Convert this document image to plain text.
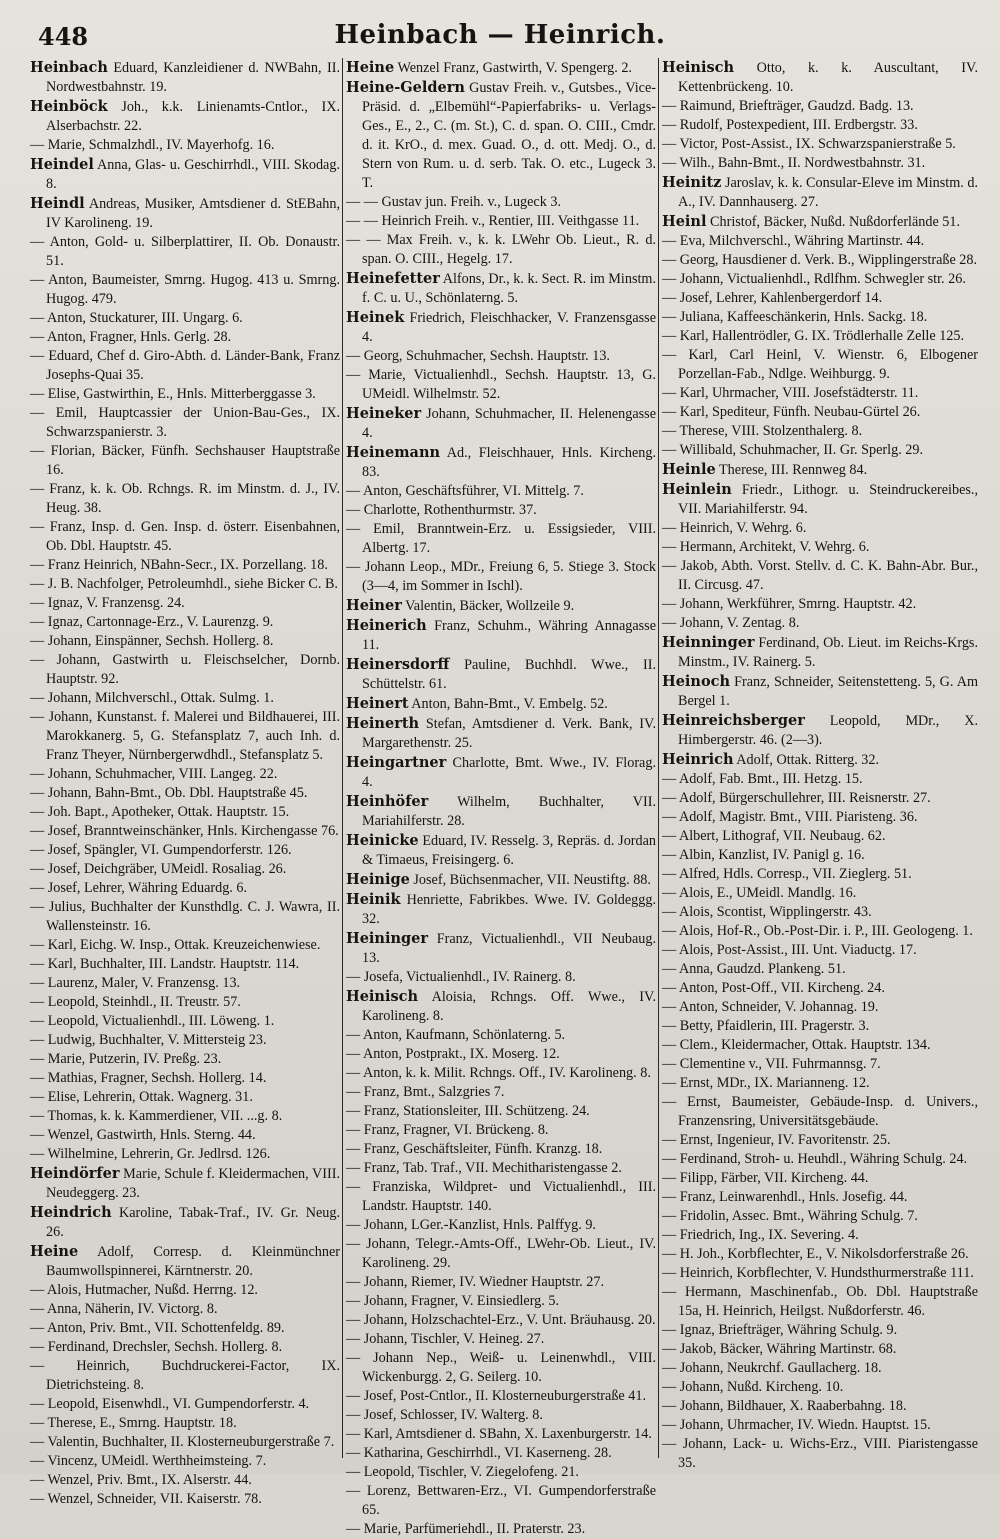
448	Heinbach — Heinrich.

Heinbach Eduard, Kanzleidiener d. NWBahn, II. Nordwestbahnstr. 19.

Heinböck Joh., k.k. Linienamts-Cntlor., IX. Alserbachstr. 22.

— Marie, Schmalzhdl., IV. Mayerhofg. 16.

Heindel Anna, Glas- u. Geschirrhdl., VIII. Skodag. 8.

Heindl Andreas, Musiker, Amtsdiener d. StEBahn, IV Karolineng. 19.

— Anton, Gold- u. Silberplattirer, II. Ob. Donaustr. 51.

— Anton, Baumeister, Smrng. Hugog. 413 u. Smrng. Hugog. 479.

— Anton, Stuckaturer, III. Ungarg. 6.

— Anton, Fragner, Hnls. Gerlg. 28.

— Eduard, Chef d. Giro-Abth. d. Länder-Bank, Franz Josephs-Quai 35.

— Elise, Gastwirthin, E., Hnls. Mitterberggasse 3.

— Emil, Hauptcassier der Union-Bau-Ges., IX. Schwarzspanierstr. 3.

— Florian, Bäcker, Fünfh. Sechshauser Hauptstraße 16.

— Franz, k. k. Ob. Rchngs. R. im Minstm. d. J., IV. Heug. 38.

— Franz, Insp. d. Gen. Insp. d. österr. Eisenbahnen, Ob. Dbl. Hauptstr. 45.

— Franz Heinrich, NBahn-Secr., IX. Porzellang. 18.

— J. B. Nachfolger, Petroleumhdl., siehe Bicker C. B.

— Ignaz, V. Franzensg. 24.

— Ignaz, Cartonnage-Erz., V. Laurenzg. 9.

— Johann, Einspänner, Sechsh. Hollerg. 8.

— Johann, Gastwirth u. Fleischselcher, Dornb. Hauptstr. 92.

— Johann, Milchverschl., Ottak. Sulmg. 1.

— Johann, Kunstanst. f. Malerei und Bildhauerei, III. Marokkanerg. 5, G. Stefansplatz 7, auch Inh. d. Franz Theyer, Nürnbergerwdhdl., Stefansplatz 5.

— Johann, Schuhmacher, VIII. Langeg. 22.

— Johann, Bahn-Bmt., Ob. Dbl. Hauptstraße 45.

— Joh. Bapt., Apotheker, Ottak. Hauptstr. 15.

— Josef, Branntweinschänker, Hnls. Kirchengasse 76.

— Josef, Spängler, VI. Gumpendorferstr. 126.

— Josef, Deichgräber, UMeidl. Rosaliag. 26.

— Josef, Lehrer, Währing Eduardg. 6.

— Julius, Buchhalter der Kunsthdlg. C. J. Wawra, II. Wallensteinstr. 16.

— Karl, Eichg. W. Insp., Ottak. Kreuzeichenwiese.

— Karl, Buchhalter, III. Landstr. Hauptstr. 114.

— Laurenz, Maler, V. Franzensg. 13.

— Leopold, Steinhdl., II. Treustr. 57.

— Leopold, Victualienhdl., III. Löweng. 1.

— Ludwig, Buchhalter, V. Mittersteig 23.

— Marie, Putzerin, IV. Preßg. 23.

— Mathias, Fragner, Sechsh. Hollerg. 14.

— Elise, Lehrerin, Ottak. Wagnerg. 31.

— Thomas, k. k. Kammerdiener, VII. ...g. 8.

— Wenzel, Gastwirth, Hnls. Sterng. 44.

— Wilhelmine, Lehrerin, Gr. Jedlrsd. 126.

Heindörfer Marie, Schule f. Kleidermachen, VIII. Neudeggerg. 23.

Heindrich Karoline, Tabak-Traf., IV. Gr. Neug. 26.

Heine Adolf, Corresp. d. Kleinmünchner Baumwollspinnerei, Kärntnerstr. 20.

— Alois, Hutmacher, Nußd. Herrng. 12.

— Anna, Näherin, IV. Victorg. 8.

— Anton, Priv. Bmt., VII. Schottenfeldg. 89.

— Ferdinand, Drechsler, Sechsh. Hollerg. 8.

— Heinrich, Buchdruckerei-Factor, IX. Dietrichsteing. 8.

— Leopold, Eisenwhdl., VI. Gumpendorferstr. 4.

— Therese, E., Smrng. Hauptstr. 18.

— Valentin, Buchhalter, II. Klosterneuburgerstraße 7.

— Vincenz, UMeidl. Werthheimsteing. 7.

— Wenzel, Priv. Bmt., IX. Alserstr. 44.

— Wenzel, Schneider, VII. Kaiserstr. 78.

Heine Wenzel Franz, Gastwirth, V. Spengerg. 2.

Heine-Geldern Gustav Freih. v., Gutsbes., Vice-Präsid. d. „Elbemühl“-Papierfabriks- u. Verlags-Ges., E., 2., C. (m. St.), C. d. span. O. CIII., Cmdr. d. it. KrO., d. mex. Guad. O., d. ott. Medj. O., d. Stern von Rum. u. d. serb. Tak. O. etc., Lugeck 3. T.

— — Gustav jun. Freih. v., Lugeck 3.

— — Heinrich Freih. v., Rentier, III. Veithgasse 11.

— — Max Freih. v., k. k. LWehr Ob. Lieut., R. d. span. O. CIII., Hegelg. 17.

Heinefetter Alfons, Dr., k. k. Sect. R. im Minstm. f. C. u. U., Schönlaterng. 5.

Heinek Friedrich, Fleischhacker, V. Franzensgasse 4.

— Georg, Schuhmacher, Sechsh. Hauptstr. 13.

— Marie, Victualienhdl., Sechsh. Hauptstr. 13, G. UMeidl. Wilhelmstr. 52.

Heineker Johann, Schuhmacher, II. Helenengasse 4.

Heinemann Ad., Fleischhauer, Hnls. Kircheng. 83.

— Anton, Geschäftsführer, VI. Mittelg. 7.

— Charlotte, Rothenthurmstr. 37.

— Emil, Branntwein-Erz. u. Essigsieder, VIII. Albertg. 17.

— Johann Leop., MDr., Freiung 6, 5. Stiege 3. Stock (3—4, im Sommer in Ischl).

Heiner Valentin, Bäcker, Wollzeile 9.

Heinerich Franz, Schuhm., Währing Annagasse 11.

Heinersdorff Pauline, Buchhdl. Wwe., II. Schüttelstr. 61.

Heinert Anton, Bahn-Bmt., V. Embelg. 52.

Heinerth Stefan, Amtsdiener d. Verk. Bank, IV. Margarethenstr. 25.

Heingartner Charlotte, Bmt. Wwe., IV. Florag. 4.

Heinhöfer Wilhelm, Buchhalter, VII. Mariahilferstr. 28.

Heinicke Eduard, IV. Resselg. 3, Repräs. d. Jordan & Timaeus, Freisingerg. 6.

Heinige Josef, Büchsenmacher, VII. Neustiftg. 88.

Heinik Henriette, Fabrikbes. Wwe. IV. Goldeggg. 32.

Heininger Franz, Victualienhdl., VII Neubaug. 13.

— Josefa, Victualienhdl., IV. Rainerg. 8.

Heinisch Aloisia, Rchngs. Off. Wwe., IV. Karolineng. 8.

— Anton, Kaufmann, Schönlaterng. 5.

— Anton, Postprakt., IX. Moserg. 12.

— Anton, k. k. Milit. Rchngs. Off., IV. Karolineng. 8.

— Franz, Bmt., Salzgries 7.

— Franz, Stationsleiter, III. Schützeng. 24.

— Franz, Fragner, VI. Brückeng. 8.

— Franz, Geschäftsleiter, Fünfh. Kranzg. 18.

— Franz, Tab. Traf., VII. Mechitharistengasse 2.

— Franziska, Wildpret- und Victualienhdl., III. Landstr. Hauptstr. 140.

— Johann, LGer.-Kanzlist, Hnls. Palffyg. 9.

— Johann, Telegr.-Amts-Off., LWehr-Ob. Lieut., IV. Karolineng. 29.

— Johann, Riemer, IV. Wiedner Hauptstr. 27.

— Johann, Fragner, V. Einsiedlerg. 5.

— Johann, Holzschachtel-Erz., V. Unt. Bräuhausg. 20.

— Johann, Tischler, V. Heineg. 27.

— Johann Nep., Weiß- u. Leinenwhdl., VIII. Wickenburgg. 2, G. Seilerg. 10.

— Josef, Post-Cntlor., II. Klosterneuburgerstraße 41.

— Josef, Schlosser, IV. Walterg. 8.

— Karl, Amtsdiener d. SBahn, X. Laxenburgerstr. 14.

— Katharina, Geschirrhdl., VI. Kaserneng. 28.

— Leopold, Tischler, V. Ziegelofeng. 21.

— Lorenz, Bettwaren-Erz., VI. Gumpendorferstraße 65.

— Marie, Parfümeriehdl., II. Praterstr. 23.

Heinisch Otto, k. k. Auscultant, IV. Kettenbrückeng. 10.

— Raimund, Briefträger, Gaudzd. Badg. 13.

— Rudolf, Postexpedient, III. Erdbergstr. 33.

— Victor, Post-Assist., IX. Schwarzspanierstraße 5.

— Wilh., Bahn-Bmt., II. Nordwestbahnstr. 31.

Heinitz Jaroslav, k. k. Consular-Eleve im Minstm. d. A., IV. Dannhauserg. 27.

Heinl Christof, Bäcker, Nußd. Nußdorferlände 51.

— Eva, Milchverschl., Währing Martinstr. 44.

— Georg, Hausdiener d. Verk. B., Wipplingerstraße 28.

— Johann, Victualienhdl., Rdlfhm. Schwegler str. 26.

— Josef, Lehrer, Kahlenbergerdorf 14.

— Juliana, Kaffeeschänkerin, Hnls. Sackg. 18.

— Karl, Hallentrödler, G. IX. Trödlerhalle Zelle 125.

— Karl, Carl Heinl, V. Wienstr. 6, Elbogener Porzellan-Fab., Ndlge. Weihburgg. 9.

— Karl, Uhrmacher, VIII. Josefstädterstr. 11.

— Karl, Spediteur, Fünfh. Neubau-Gürtel 26.

— Therese, VIII. Stolzenthalerg. 8.

— Willibald, Schuhmacher, II. Gr. Sperlg. 29.

Heinle Therese, III. Rennweg 84.

Heinlein Friedr., Lithogr. u. Steindruckereibes., VII. Mariahilferstr. 94.

— Heinrich, V. Wehrg. 6.

— Hermann, Architekt, V. Wehrg. 6.

— Jakob, Abth. Vorst. Stellv. d. C. K. Bahn-Abr. Bur., II. Circusg. 47.

— Johann, Werkführer, Smrng. Hauptstr. 42.

— Johann, V. Zentag. 8.

Heinninger Ferdinand, Ob. Lieut. im Reichs-Krgs. Minstm., IV. Rainerg. 5.

Heinoch Franz, Schneider, Seitenstetteng. 5, G. Am Bergel 1.

Heinreichsberger Leopold, MDr., X. Himbergerstr. 46. (2—3).

Heinrich Adolf, Ottak. Ritterg. 32.

— Adolf, Fab. Bmt., III. Hetzg. 15.

— Adolf, Bürgerschullehrer, III. Reisnerstr. 27.

— Adolf, Magistr. Bmt., VIII. Piaristeng. 36.

— Albert, Lithograf, VII. Neubaug. 62.

— Albin, Kanzlist, IV. Panigl g. 16.

— Alfred, Hdls. Corresp., VII. Zieglerg. 51.

— Alois, E., UMeidl. Mandlg. 16.

— Alois, Scontist, Wipplingerstr. 43.

— Alois, Hof-R., Ob.-Post-Dir. i. P., III. Geologeng. 1.

— Alois, Post-Assist., III. Unt. Viaductg. 17.

— Anna, Gaudzd. Plankeng. 51.

— Anton, Post-Off., VII. Kircheng. 24.

— Anton, Schneider, V. Johannag. 19.

— Betty, Pfaidlerin, III. Pragerstr. 3.

— Clem., Kleidermacher, Ottak. Hauptstr. 134.

— Clementine v., VII. Fuhrmannsg. 7.

— Ernst, MDr., IX. Marianneng. 12.

— Ernst, Baumeister, Gebäude-Insp. d. Univers., Franzensring, Universitätsgebäude.

— Ernst, Ingenieur, IV. Favoritenstr. 25.

— Ferdinand, Stroh- u. Heuhdl., Währing Schulg. 24.

— Filipp, Färber, VII. Kircheng. 44.

— Franz, Leinwarenhdl., Hnls. Josefig. 44.

— Fridolin, Assec. Bmt., Währing Schulg. 7.

— Friedrich, Ing., IX. Severing. 4.

— H. Joh., Korbflechter, E., V. Nikolsdorferstraße 26.

— Heinrich, Korbflechter, V. Hundsthurmerstraße 111.

— Hermann, Maschinenfab., Ob. Dbl. Hauptstraße 15a, H. Heinrich, Heilgst. Nußdorferstr. 46.

— Ignaz, Briefträger, Währing Schulg. 9.

— Jakob, Bäcker, Währing Martinstr. 68.

— Johann, Neukrchf. Gaullacherg. 18.

— Johann, Nußd. Kircheng. 10.

— Johann, Bildhauer, X. Raaberbahng. 18.

— Johann, Uhrmacher, IV. Wiedn. Hauptst. 15.

— Johann, Lack- u. Wichs-Erz., VIII. Piaristengasse 35.
